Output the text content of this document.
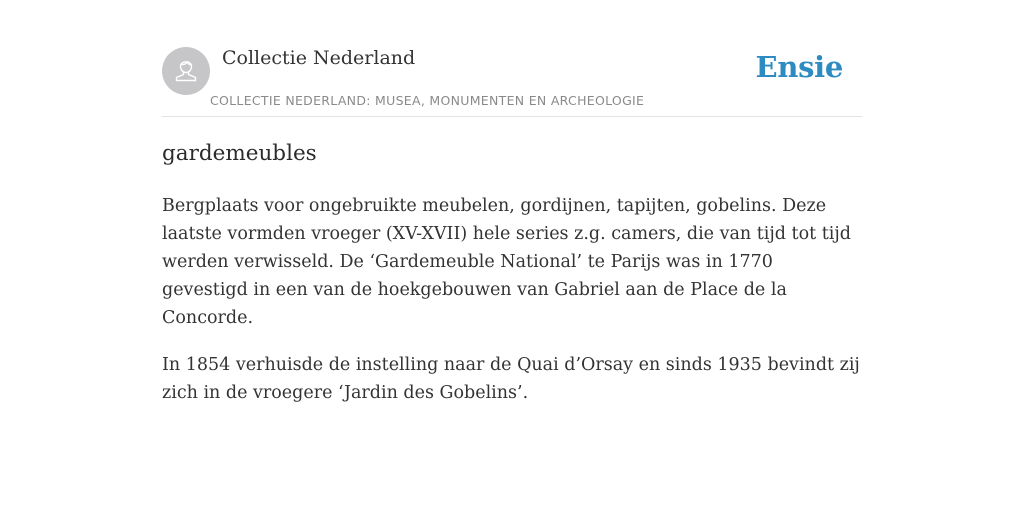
Collectie Nederland
COLLECTIE NEDERLAND: MUSEA, MONUMENTEN EN ARCHEOLOGIE
Ensie
gardemeubles

Bergplaats voor ongebruikte meubelen, gordijnen, tapijten, gobelins. Deze laatste vormden vroeger (XV-XVII) hele series z.g. camers, die van tijd tot tijd werden verwisseld. De ‘Gardemeuble National’ te Parijs was in 1770 gevestigd in een van de hoekgebouwen van Gabriel aan de Place de la Concorde.

In 1854 verhuisde de instelling naar de Quai d’Orsay en sinds 1935 bevindt zij zich in de vroegere ‘Jardin des Gobelins’.
